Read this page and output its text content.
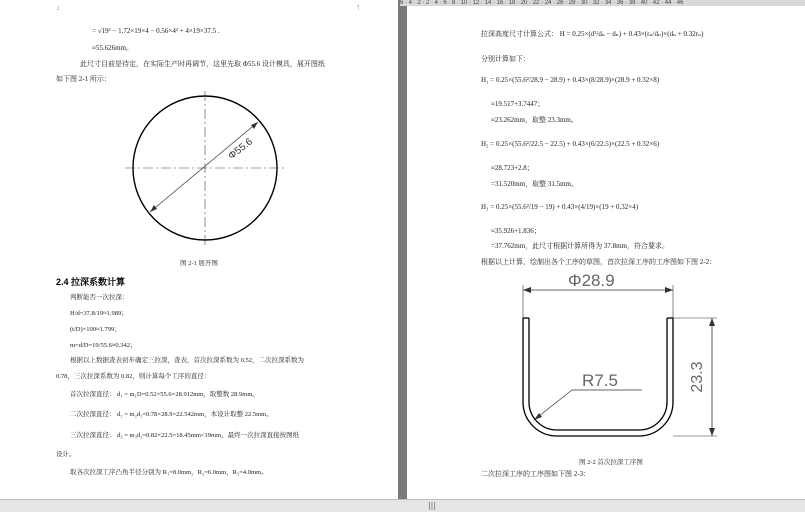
˩	˥
= √19² − 1.72×19×4 − 0.56×4² + 4×19×37.5 .
≈55.626mm。
此尺寸目前是待定，在实际生产时再调节，这里先取 Φ55.6 设计模具，展开图纸
如下图 2-1 所示：
Φ55.6
图 2-1 展开图
2.4 拉深系数计算
判断能否一次拉深：
H/d=37.8/19≈1.989；
(t/D)×100≈1.799；
m=d/D=19/55.6≈0.342；
根据以上数据查表初步确定三拉深，查表，首次拉深系数为 0.52，二次拉深系数为
0.78，三次拉深系数为 0.82，则计算每个工序的直径：
首次拉深直径： d₁ = m₁D=0.52×55.6=28.912mm，取整数 28.9mm。
二次拉深直径： d₂ = m₂d₁=0.78×28.9=22.542mm，本设计取整 22.5mm。
三次拉深直径： d₃ = m₃d₂=0.82×22.5=18.45mm<19mm，最终一次拉深直接按图纸
设计。
取各次拉深工序凸角半径分别为 R₁=8.0mm，R₂=6.0mm，R₃=4.0mm。
拉深高度尺寸计算公式： H = 0.25×(d²/dₙ − dₙ) + 0.43×(rₙ/dₙ)×(dₙ + 0.32rₙ)
分别计算如下：
H₁ = 0.25×(55.6²/28.9 − 28.9) + 0.43×(8/28.9)×(28.9 + 0.32×8)
≈19.517+3.7447；
≈23.262mm，取整 23.3mm。
H₂ = 0.25×(55.6²/22.5 − 22.5) + 0.43×(6/22.5)×(22.5 + 0.32×6)
≈28.723+2.8；
=31.520mm，取整 31.5mm。
H₃ = 0.25×(55.6²/19 − 19) + 0.43×(4/19)×(19 + 0.32×4)
≈35.926+1.836；
=37.762mm，此尺寸根据计算所得为 37.8mm，符合要求。
根据以上计算，绘制出各个工序的草图，首次拉深工序的工序图如下图 2-2：
Φ28.9
R7.5	23.3
图 2-2 首次拉深工序图
二次拉深工序的工序图如下图 2-3：
6 · 4 · 2 · 2 · 4 · 6 · 8 · 10 · 12 · 14 · 16 · 18 · 20 · 22 · 24 · 26 · 28 · 30 · 32 · 34 · 36 · 38 · 40 · 42 · 44 · 46
|||
